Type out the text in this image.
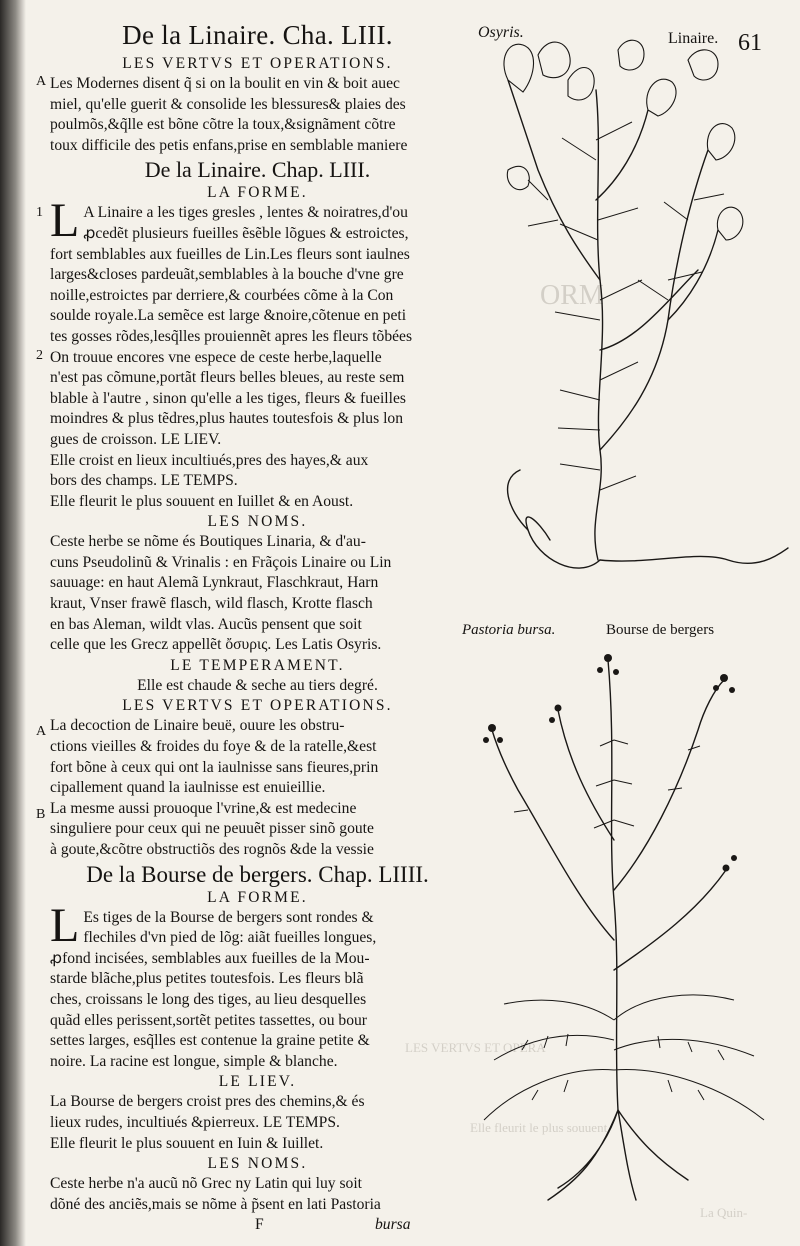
LES VERTVS ET OPERA
ORM
Elle fleurit le plus souuent
La Quin-
De la Linaire. Cha. LIII.
LES VERTVS ET OPERATIONS.
A Les Modernes disent q̃ si on la boulit en vin & boit auec
miel, qu'elle guerit & consolide les blessures& plaies des
poulmõs,&q̃lle est bõne cõtre la toux,&signãment cõtre
toux difficile des petis enfans,prise en semblable maniere
De la Linaire. Chap. LIII.
LA FORME.
1 L A Linaire a les tiges gresles , lentes & noiratres,d'ou
ꝓcedẽt plusieurs fueilles ẽsẽble lõgues & estroictes,
fort semblables aux fueilles de Lin.Les fleurs sont iaulnes
larges&closes pardeuãt,semblables à la bouche d'vne gre
noille,estroictes par derriere,& courbées cõme à la Con
soulde royale.La semẽce est large &noire,cõtenue en peti
tes gosses rõdes,lesq̃lles prouiennẽt apres les fleurs tõbées
2 On trouue encores vne espece de ceste herbe,laquelle
n'est pas cõmune,portãt fleurs belles bleues, au reste sem
blable à l'autre , sinon qu'elle a les tiges, fleurs & fueilles
moindres & plus tẽdres,plus hautes toutesfois & plus lon
gues de croisson. LE LIEV.
Elle croist en lieux incultiués,pres des hayes,& aux
bors des champs. LE TEMPS.
Elle fleurit le plus souuent en Iuillet & en Aoust.
LES NOMS.
Ceste herbe se nõme és Boutiques Linaria, & d'au-
cuns Pseudolinũ & Vrinalis : en Frãçois Linaire ou Lin
sauuage: en haut Alemã Lynkraut, Flaschkraut, Harn
kraut, Vnser frawẽ flasch, wild flasch, Krotte flasch
en bas Aleman, wildt vlas. Aucũs pensent que soit
celle que les Grecz appellẽt ὄσυρις. Les Latis Osyris.
LE TEMPERAMENT.
Elle est chaude & seche au tiers degré.
LES VERTVS ET OPERATIONS.
A La decoction de Linaire beuë, ouure les obstru-
ctions vieilles & froides du foye & de la ratelle,&est
fort bõne à ceux qui ont la iaulnisse sans fieures,prin
cipallement quand la iaulnisse est enuieillie.
B La mesme aussi prouoque l'vrine,& est medecine
singuliere pour ceux qui ne peuuẽt pisser sinõ goute
à goute,&cõtre obstructiõs des rognõs &de la vessie
De la Bourse de bergers. Chap. LIIII.
LA FORME.
L Es tiges de la Bourse de bergers sont rondes &
flechiles d'vn pied de lõg: aiãt fueilles longues,
ꝓfond incisées, semblables aux fueilles de la Mou-
starde blãche,plus petites toutesfois. Les fleurs blã
ches, croissans le long des tiges, au lieu desquelles
quãd elles perissent,sortẽt petites tassettes, ou bour
settes larges, esq̃lles est contenue la graine petite &
noire. La racine est longue, simple & blanche.
LE LIEV.
La Bourse de bergers croist pres des chemins,& és
lieux rudes, incultiués &pierreux. LE TEMPS.
Elle fleurit le plus souuent en Iuin & Iuillet.
LES NOMS.
Ceste herbe n'a aucũ nõ Grec ny Latin qui luy soit
dõné des anciẽs,mais se nõme à p̃sent en lati Pastoria
F	bursa
Osyris.	Linaire. 61
Pastoria bursa.	Bourse de bergers
